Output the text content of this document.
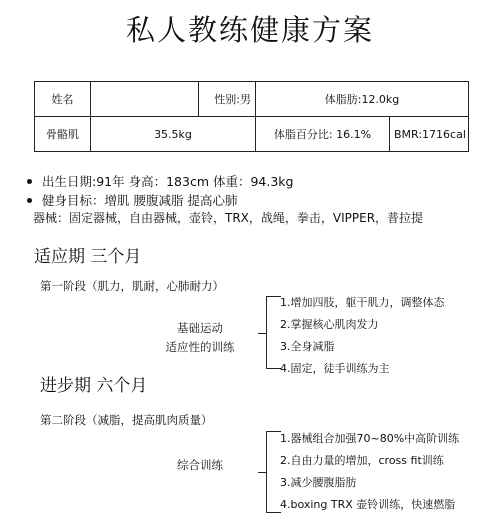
私人教练健康方案
姓名		性别:男	体脂肪:12.0kg	
骨骼肌	35.5kg		体脂百分比: 16.1%	BMR:1716cal
出生日期:91年 身高：183cm 体重：94.3kg
健身目标：增肌 腰腹减脂 提高心肺
器械：固定器械，自由器械，壶铃，TRX，战绳，拳击，VIPPER，普拉提
适应期 三个月
第一阶段（肌力，肌耐，心肺耐力）
基础运动
适应性的训练
1.增加四肢，躯干肌力，调整体态
2.掌握核心肌肉发力
3.全身减脂
4.固定，徒手训练为主
进步期 六个月
第二阶段（减脂，提高肌肉质量）
综合训练
1.器械组合加强70~80%中高阶训练
2.自由力量的增加，cross fit训练
3.减少腰腹脂肪
4.boxing TRX 壶铃训练，快速燃脂
